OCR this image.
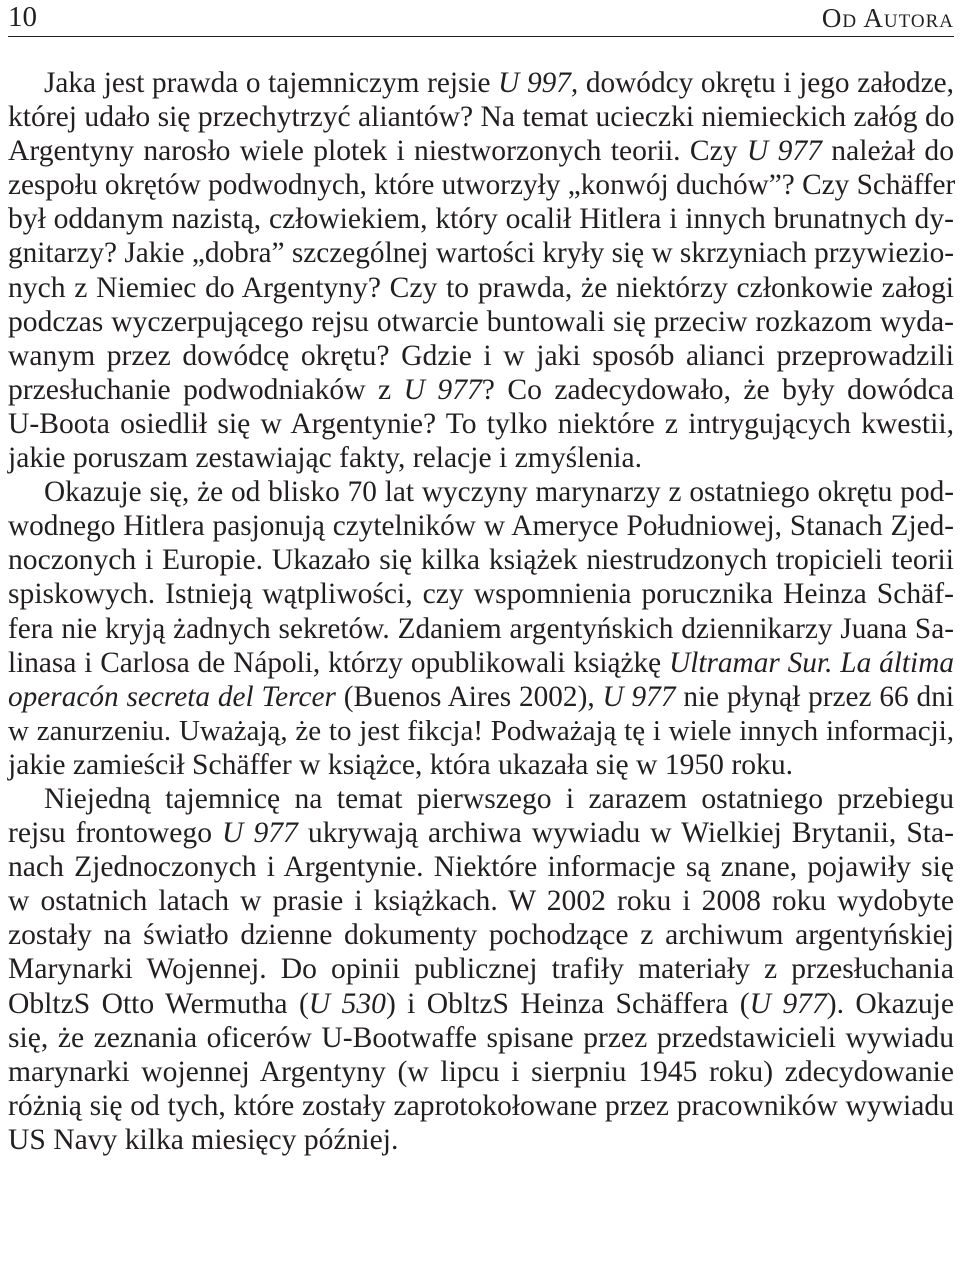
10	Od Autora
Jaka jest prawda o tajemniczym rejsie U 997, dowódcy okrętu i jego załodze,
której udało się przechytrzyć aliantów? Na temat ucieczki niemieckich załóg do
Argentyny narosło wiele plotek i niestworzonych teorii. Czy U 977 należał do
zespołu okrętów podwodnych, które utworzyły „konwój duchów”? Czy Schäffer
był oddanym nazistą, człowiekiem, który ocalił Hitlera i innych brunatnych dy-
gnitarzy? Jakie „dobra” szczególnej wartości kryły się w skrzyniach przywiezio-
nych z Niemiec do Argentyny? Czy to prawda, że niektórzy członkowie załogi
podczas wyczerpującego rejsu otwarcie buntowali się przeciw rozkazom wyda-
wanym przez dowódcę okrętu? Gdzie i w jaki sposób alianci przeprowadzili
przesłuchanie podwodniaków z U 977? Co zadecydowało, że były dowódca
U-Boota osiedlił się w Argentynie? To tylko niektóre z intrygujących kwestii,
jakie poruszam zestawiając fakty, relacje i zmyślenia.
Okazuje się, że od blisko 70 lat wyczyny marynarzy z ostatniego okrętu pod-
wodnego Hitlera pasjonują czytelników w Ameryce Południowej, Stanach Zjed-
noczonych i Europie. Ukazało się kilka książek niestrudzonych tropicieli teorii
spiskowych. Istnieją wątpliwości, czy wspomnienia porucznika Heinza Schäf-
fera nie kryją żadnych sekretów. Zdaniem argentyńskich dziennikarzy Juana Sa-
linasa i Carlosa de Nápoli, którzy opublikowali książkę Ultramar Sur. La áltima
operacón secreta del Tercer (Buenos Aires 2002), U 977 nie płynął przez 66 dni
w zanurzeniu. Uważają, że to jest fikcja! Podważają tę i wiele innych informacji,
jakie zamieścił Schäffer w książce, która ukazała się w 1950 roku.
Niejedną tajemnicę na temat pierwszego i zarazem ostatniego przebiegu
rejsu frontowego U 977 ukrywają archiwa wywiadu w Wielkiej Brytanii, Sta-
nach Zjednoczonych i Argentynie. Niektóre informacje są znane, pojawiły się
w ostatnich latach w prasie i książkach. W 2002 roku i 2008 roku wydobyte
zostały na światło dzienne dokumenty pochodzące z archiwum argentyńskiej
Marynarki Wojennej. Do opinii publicznej trafiły materiały z przesłuchania
ObltzS Otto Wermutha (U 530) i ObltzS Heinza Schäffera (U 977). Okazuje
się, że zeznania oficerów U-Bootwaffe spisane przez przedstawicieli wywiadu
marynarki wojennej Argentyny (w lipcu i sierpniu 1945 roku) zdecydowanie
różnią się od tych, które zostały zaprotokołowane przez pracowników wywiadu
US Navy kilka miesięcy później.
